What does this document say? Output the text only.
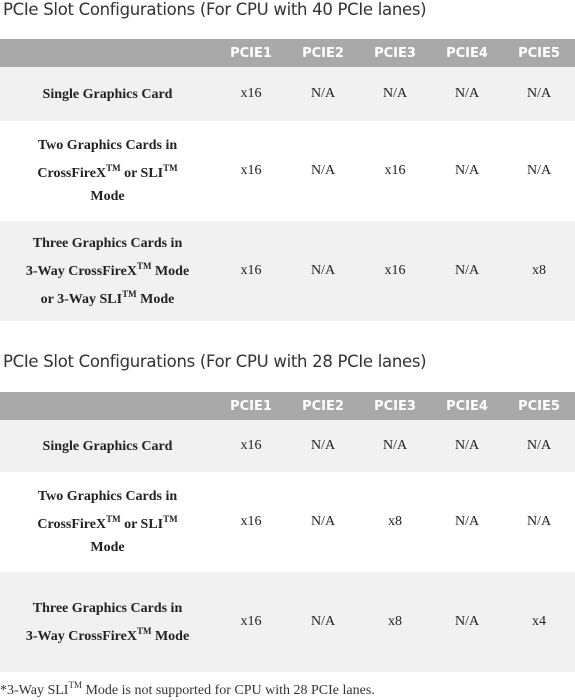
PCIe Slot Configurations (For CPU with 40 PCIe lanes)
	PCIE1	PCIE2	PCIE3	PCIE4	PCIE5
Single Graphics Card	x16	N/A	N/A	N/A	N/A

Two Graphics Cards in
CrossFireX™ or SLI™
Mode	x16	N/A	x16	N/A	N/A

Three Graphics Cards in
3-Way CrossFireX™ Mode
or 3-Way SLI™ Mode	x16	N/A	x16	N/A	x8
PCIe Slot Configurations (For CPU with 28 PCIe lanes)
	PCIE1	PCIE2	PCIE3	PCIE4	PCIE5
Single Graphics Card	x16	N/A	N/A	N/A	N/A

Two Graphics Cards in
CrossFireX™ or SLI™
Mode	x16	N/A	x8	N/A	N/A

Three Graphics Cards in
3-Way CrossFireX™ Mode	x16	N/A	x8	N/A	x4
*3-Way SLI™ Mode is not supported for CPU with 28 PCIe lanes.
